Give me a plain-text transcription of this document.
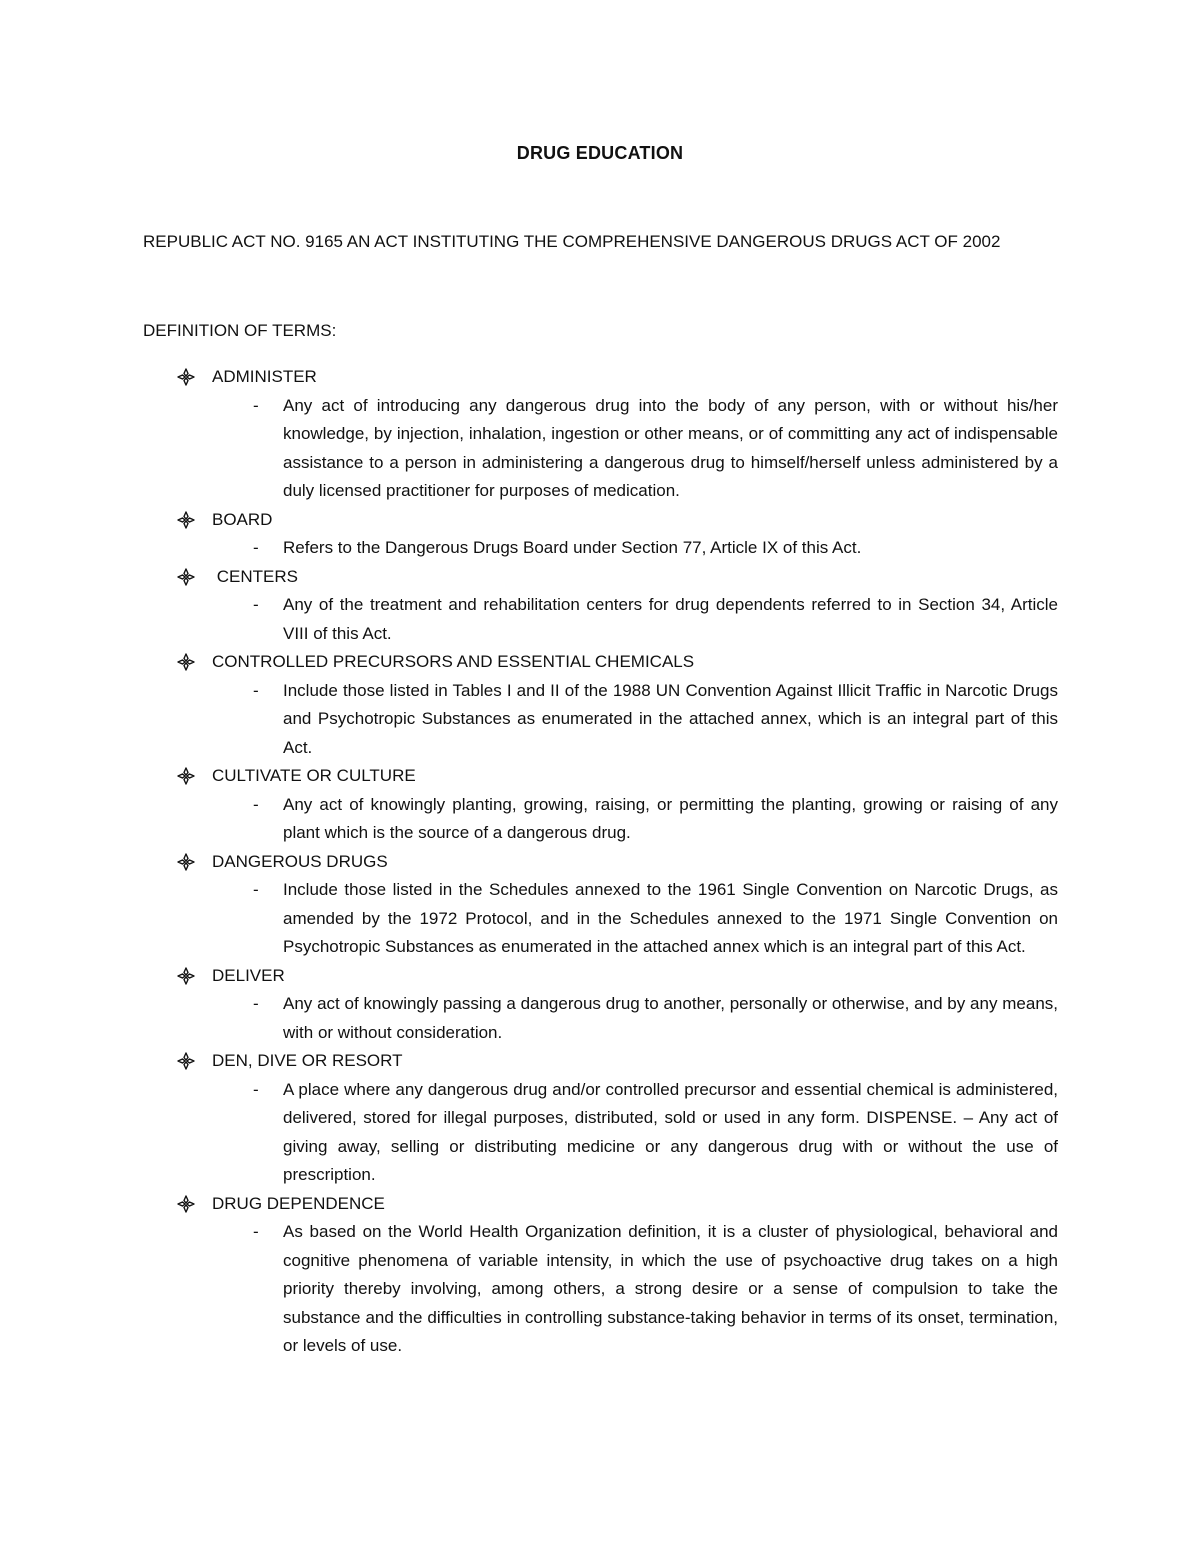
DRUG EDUCATION
REPUBLIC ACT NO. 9165 AN ACT INSTITUTING THE COMPREHENSIVE DANGEROUS DRUGS ACT OF 2002
DEFINITION OF TERMS:
ADMINISTER
-	Any act of introducing any dangerous drug into the body of any person, with or without his/her knowledge, by injection, inhalation, ingestion or other means, or of committing any act of indispensable assistance to a person in administering a dangerous drug to himself/herself unless administered by a duly licensed practitioner for purposes of medication.
BOARD
-	Refers to the Dangerous Drugs Board under Section 77, Article IX of this Act.
CENTERS
-	Any of the treatment and rehabilitation centers for drug dependents referred to in Section 34, Article VIII of this Act.
CONTROLLED PRECURSORS AND ESSENTIAL CHEMICALS
-	Include those listed in Tables I and II of the 1988 UN Convention Against Illicit Traffic in Narcotic Drugs and Psychotropic Substances as enumerated in the attached annex, which is an integral part of this Act.
CULTIVATE OR CULTURE
-	Any act of knowingly planting, growing, raising, or permitting the planting, growing or raising of any plant which is the source of a dangerous drug.
DANGEROUS DRUGS
-	Include those listed in the Schedules annexed to the 1961 Single Convention on Narcotic Drugs, as amended by the 1972 Protocol, and in the Schedules annexed to the 1971 Single Convention on Psychotropic Substances as enumerated in the attached annex which is an integral part of this Act.
DELIVER
-	Any act of knowingly passing a dangerous drug to another, personally or otherwise, and by any means, with or without consideration.
DEN, DIVE OR RESORT
-	A place where any dangerous drug and/or controlled precursor and essential chemical is administered, delivered, stored for illegal purposes, distributed, sold or used in any form. DISPENSE. – Any act of giving away, selling or distributing medicine or any dangerous drug with or without the use of prescription.
DRUG DEPENDENCE
-	As based on the World Health Organization definition, it is a cluster of physiological, behavioral and cognitive phenomena of variable intensity, in which the use of psychoactive drug takes on a high priority thereby involving, among others, a strong desire or a sense of compulsion to take the substance and the difficulties in controlling substance-taking behavior in terms of its onset, termination, or levels of use.
